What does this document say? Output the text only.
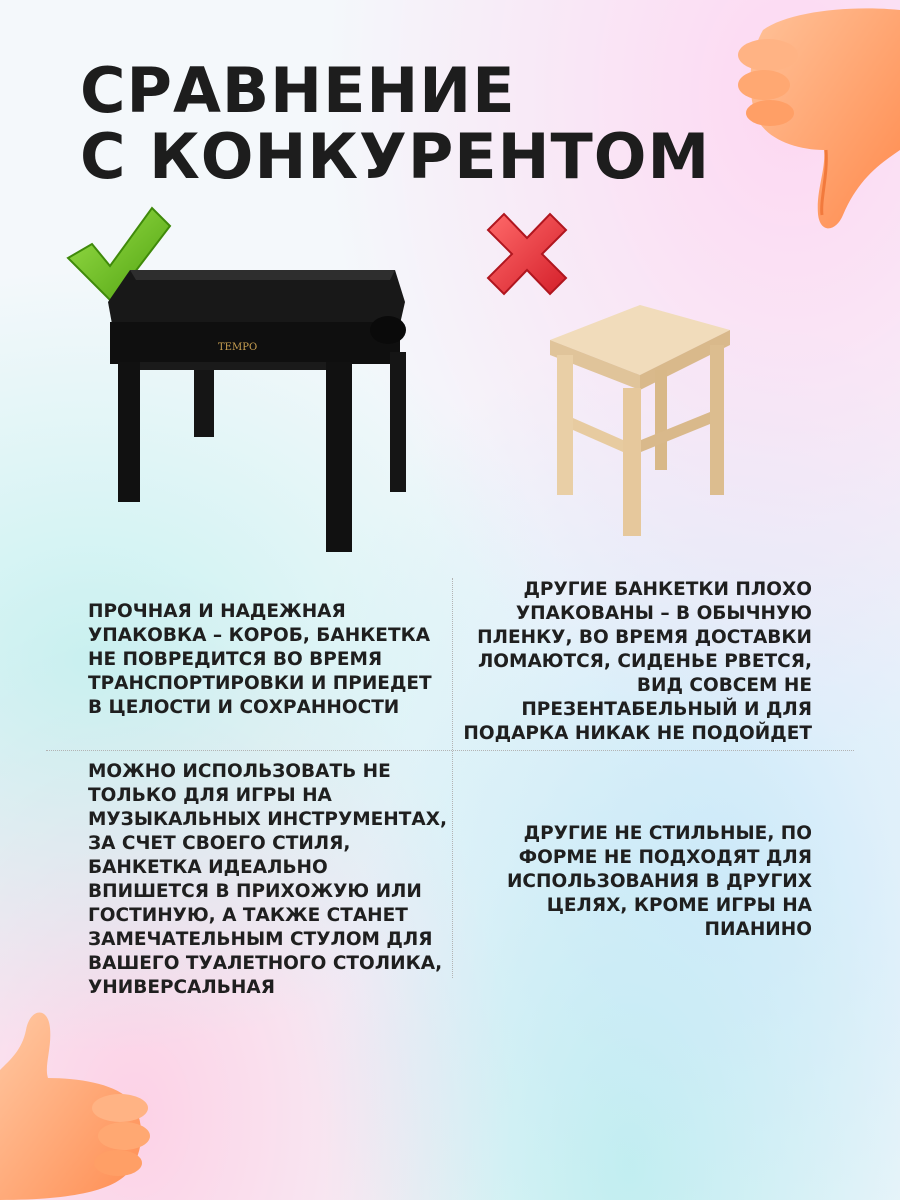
СРАВНЕНИЕ
С КОНКУРЕНТОМ
TEMPO

ПРОЧНАЯ И НАДЕЖНАЯ УПАКОВКА – КОРОБ, БАНКЕТКА НЕ ПОВРЕДИТСЯ ВО ВРЕМЯ ТРАНСПОРТИРОВКИ И ПРИЕДЕТ В ЦЕЛОСТИ И СОХРАННОСТИ

ДРУГИЕ БАНКЕТКИ ПЛОХО УПАКОВАНЫ – В ОБЫЧНУЮ ПЛЕНКУ, ВО ВРЕМЯ ДОСТАВКИ ЛОМАЮТСЯ, СИДЕНЬЕ РВЕТСЯ, ВИД СОВСЕМ НЕ ПРЕЗЕНТАБЕЛЬНЫЙ И ДЛЯ ПОДАРКА НИКАК НЕ ПОДОЙДЕТ

МОЖНО ИСПОЛЬЗОВАТЬ НЕ ТОЛЬКО ДЛЯ ИГРЫ НА МУЗЫКАЛЬНЫХ ИНСТРУМЕНТАХ, ЗА СЧЕТ СВОЕГО СТИЛЯ, БАНКЕТКА ИДЕАЛЬНО ВПИШЕТСЯ В ПРИХОЖУЮ ИЛИ ГОСТИНУЮ, А ТАКЖЕ СТАНЕТ ЗАМЕЧАТЕЛЬНЫМ СТУЛОМ ДЛЯ ВАШЕГО ТУАЛЕТНОГО СТОЛИКА, УНИВЕРСАЛЬНАЯ

ДРУГИЕ НЕ СТИЛЬНЫЕ, ПО ФОРМЕ НЕ ПОДХОДЯТ ДЛЯ ИСПОЛЬЗОВАНИЯ В ДРУГИХ ЦЕЛЯХ, КРОМЕ ИГРЫ НА ПИАНИНО
